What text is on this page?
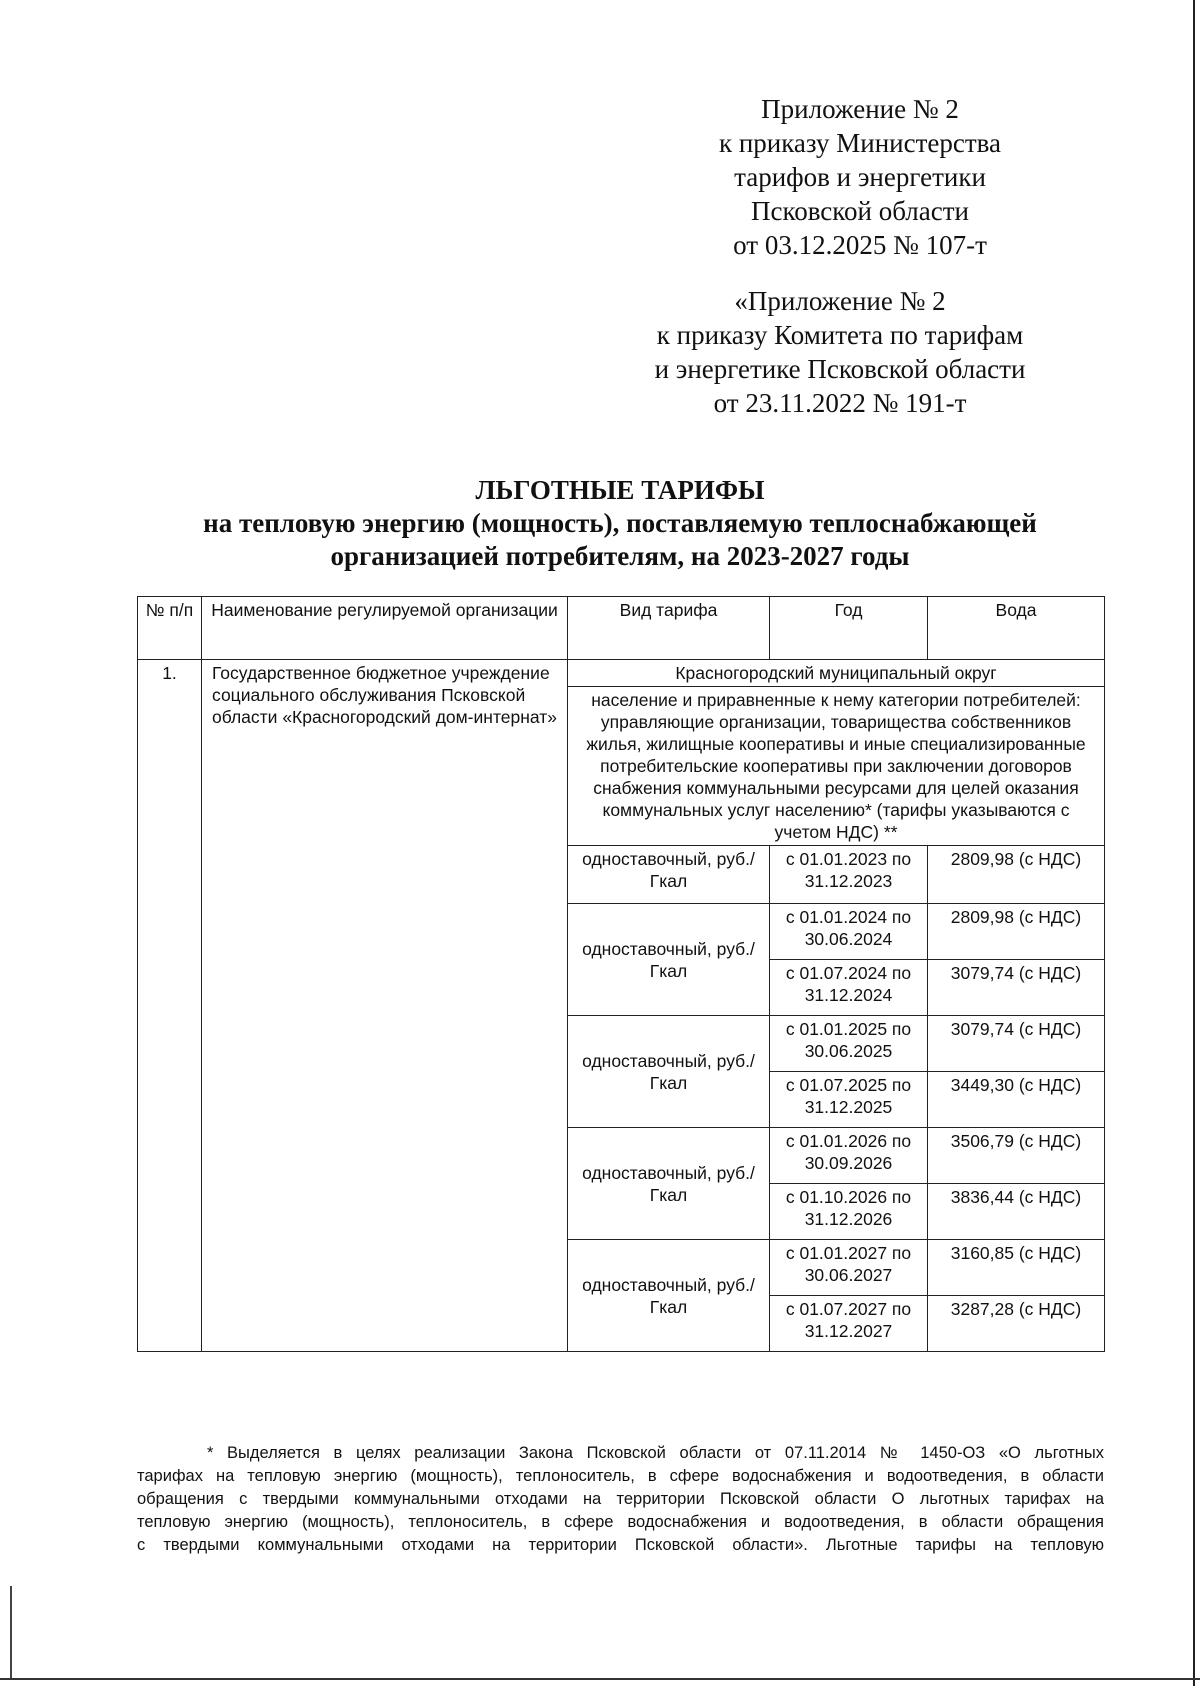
Приложение № 2
к приказу Министерства
тарифов и энергетики
Псковской области
от 03.12.2025 № 107-т
«Приложение № 2
к приказу Комитета по тарифам
и энергетике Псковской области
от 23.11.2022 № 191-т
ЛЬГОТНЫЕ ТАРИФЫ
на тепловую энергию (мощность), поставляемую теплоснабжающей
организацией потребителям, на 2023-2027 годы
№ п/п	Наименование регулируемой организации	Вид тарифа	Год	Вода
1.	Государственное бюджетное учреждение социального обслуживания Псковской области «Красногородский дом-интернат»	Красногородский муниципальный округ		
		население и приравненные к нему категории потребителей: управляющие организации, товарищества собственников жилья, жилищные кооперативы и иные специализированные потребительские кооперативы при заключении договоров снабжения коммунальными ресурсами для целей оказания коммунальных услуг населению* (тарифы указываются с учетом НДС) **		
		одноставочный, руб./Гкал	с 01.01.2023 по 31.12.2023	2809,98 (с НДС)
		одноставочный, руб./Гкал	с 01.01.2024 по 30.06.2024	2809,98 (с НДС)
			с 01.07.2024 по 31.12.2024	3079,74 (с НДС)
		одноставочный, руб./Гкал	с 01.01.2025 по 30.06.2025	3079,74 (с НДС)
			с 01.07.2025 по 31.12.2025	3449,30 (с НДС)
		одноставочный, руб./Гкал	с 01.01.2026 по 30.09.2026	3506,79 (с НДС)
			с 01.10.2026 по 31.12.2026	3836,44 (с НДС)
		одноставочный, руб./Гкал	с 01.01.2027 по 30.06.2027	3160,85 (с НДС)
			с 01.07.2027 по 31.12.2027	3287,28 (с НДС)
* Выделяется в целях реализации Закона Псковской области от 07.11.2014 № 1450-ОЗ «О льготных
тарифах на тепловую энергию (мощность), теплоноситель, в сфере водоснабжения и водоотведения, в области
обращения с твердыми коммунальными отходами на территории Псковской области О льготных тарифах на
тепловую энергию (мощность), теплоноситель, в сфере водоснабжения и водоотведения, в области обращения
с твердыми коммунальными отходами на территории Псковской области». Льготные тарифы на тепловую
